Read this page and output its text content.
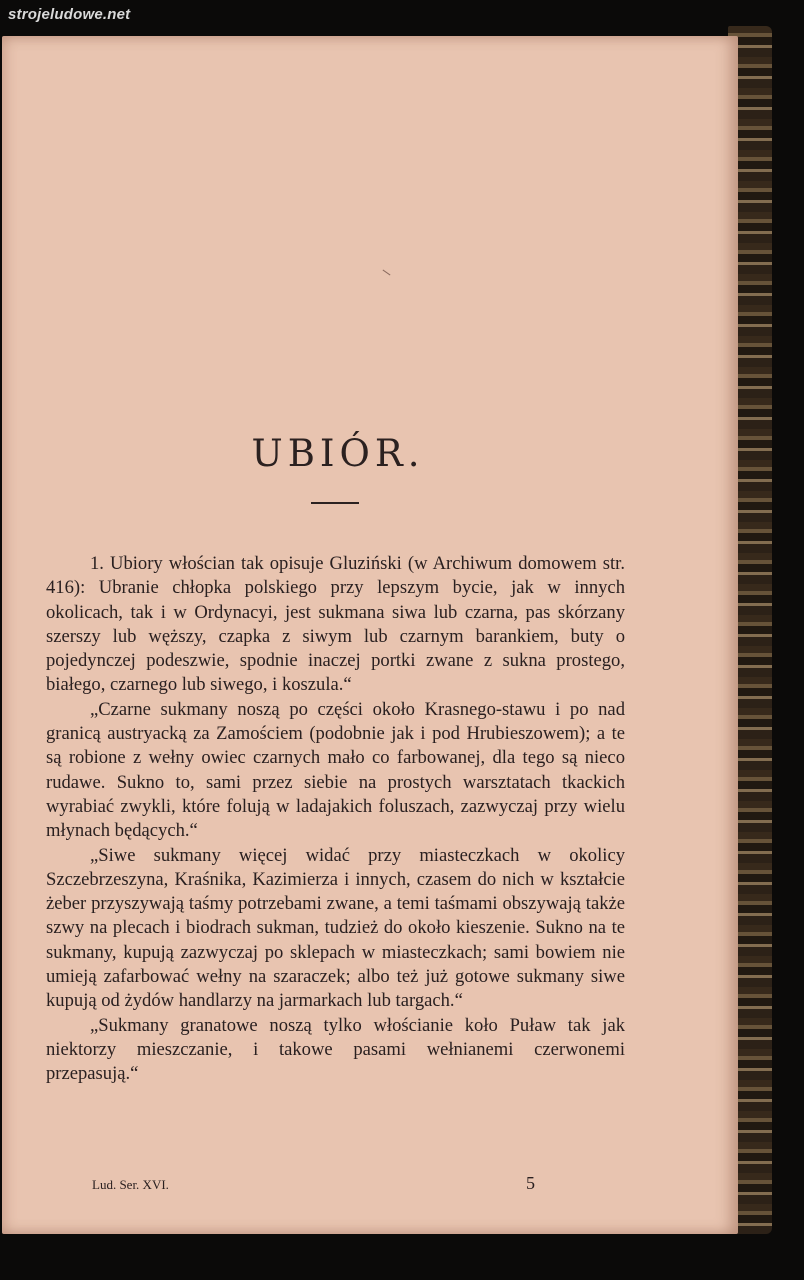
strojeludowe.net
UBIÓR.

1. Ubiory włościan tak opisuje Gluziński (w Archiwum domowem str. 416): Ubranie chłopka polskiego przy lepszym bycie, jak w innych okolicach, tak i w Ordynacyi, jest sukmana siwa lub czarna, pas skórzany szerszy lub węższy, czapka z siwym lub czarnym barankiem, buty o pojedynczej podeszwie, spodnie inaczej portki zwane z sukna prostego, białego, czarnego lub siwego, i koszula.“

„Czarne sukmany noszą po części około Krasnego-stawu i po nad granicą austryacką za Zamościem (podobnie jak i pod Hrubieszowem); a te są robione z wełny owiec czarnych mało co farbowanej, dla tego są nieco rudawe. Sukno to, sami przez siebie na prostych warsztatach tkackich wyrabiać zwykli, które folują w ladajakich foluszach, zazwyczaj przy wielu młynach będących.“

„Siwe sukmany więcej widać przy miasteczkach w okolicy Szczebrzeszyna, Kraśnika, Kazimierza i innych, czasem do nich w kształcie żeber przyszywają taśmy potrzebami zwane, a temi taśmami obszywają także szwy na plecach i biodrach sukman, tudzież do około kieszenie. Sukno na te sukmany, kupują zazwyczaj po sklepach w miasteczkach; sami bowiem nie umieją zafarbować wełny na szaraczek; albo też już gotowe sukmany siwe kupują od żydów handlarzy na jarmarkach lub targach.“

„Sukmany granatowe noszą tylko włościanie koło Puław tak jak niektorzy mieszczanie, i takowe pasami wełnianemi czerwonemi przepasują.“

Lud. Ser. XVI.	5
